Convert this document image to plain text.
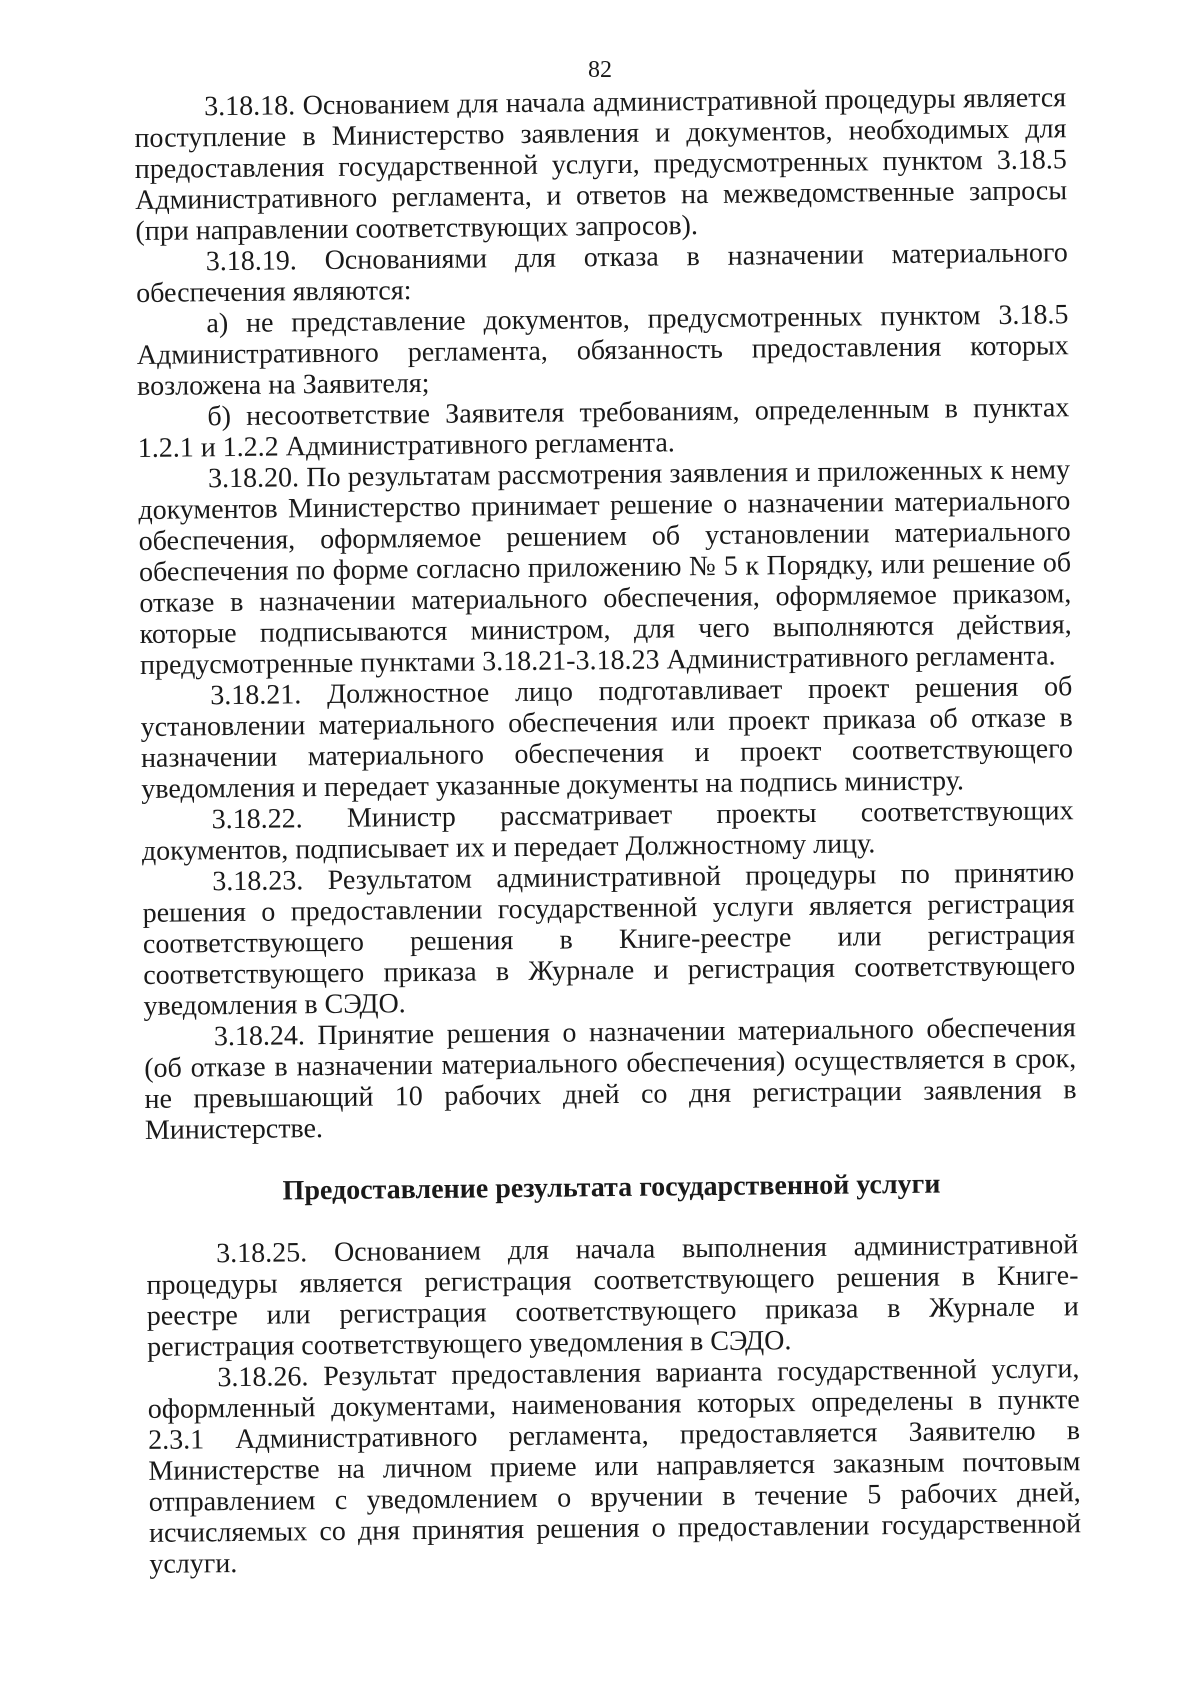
82

3.18.18. Основанием для начала административной процедуры является поступление в Министерство заявления и документов, необходимых для предоставления государственной услуги, предусмотренных пунктом 3.18.5 Административного регламента, и ответов на межведомственные запросы (при направлении соответствующих запросов).

3.18.19. Основаниями для отказа в назначении материального обеспечения являются:

а) не представление документов, предусмотренных пунктом 3.18.5 Административного регламента, обязанность предоставления которых возложена на Заявителя;

б) несоответствие Заявителя требованиям, определенным в пунктах 1.2.1 и 1.2.2 Административного регламента.

3.18.20. По результатам рассмотрения заявления и приложенных к нему документов Министерство принимает решение о назначении материального обеспечения, оформляемое решением об установлении материального обеспечения по форме согласно приложению № 5 к Порядку, или решение об отказе в назначении материального обеспечения, оформляемое приказом, которые подписываются министром, для чего выполняются действия, предусмотренные пунктами 3.18.21-3.18.23 Административного регламента.

3.18.21. Должностное лицо подготавливает проект решения об установлении материального обеспечения или проект приказа об отказе в назначении материального обеспечения и проект соответствующего уведомления и передает указанные документы на подпись министру.

3.18.22. Министр рассматривает проекты соответствующих документов, подписывает их и передает Должностному лицу.

3.18.23. Результатом административной процедуры по принятию решения о предоставлении государственной услуги является регистрация соответствующего решения в Книге-реестре или регистрация соответствующего приказа в Журнале и регистрация соответствующего уведомления в СЭДО.

3.18.24. Принятие решения о назначении материального обеспечения (об отказе в назначении материального обеспечения) осуществляется в срок, не превышающий 10 рабочих дней со дня регистрации заявления в Министерстве.

Предоставление результата государственной услуги

3.18.25. Основанием для начала выполнения административной процедуры является регистрация соответствующего решения в Книге-реестре или регистрация соответствующего приказа в Журнале и регистрация соответствующего уведомления в СЭДО.

3.18.26. Результат предоставления варианта государственной услуги, оформленный документами, наименования которых определены в пункте 2.3.1 Административного регламента, предоставляется Заявителю в Министерстве на личном приеме или направляется заказным почтовым отправлением с уведомлением о вручении в течение 5 рабочих дней, исчисляемых со дня принятия решения о предоставлении государственной услуги.
